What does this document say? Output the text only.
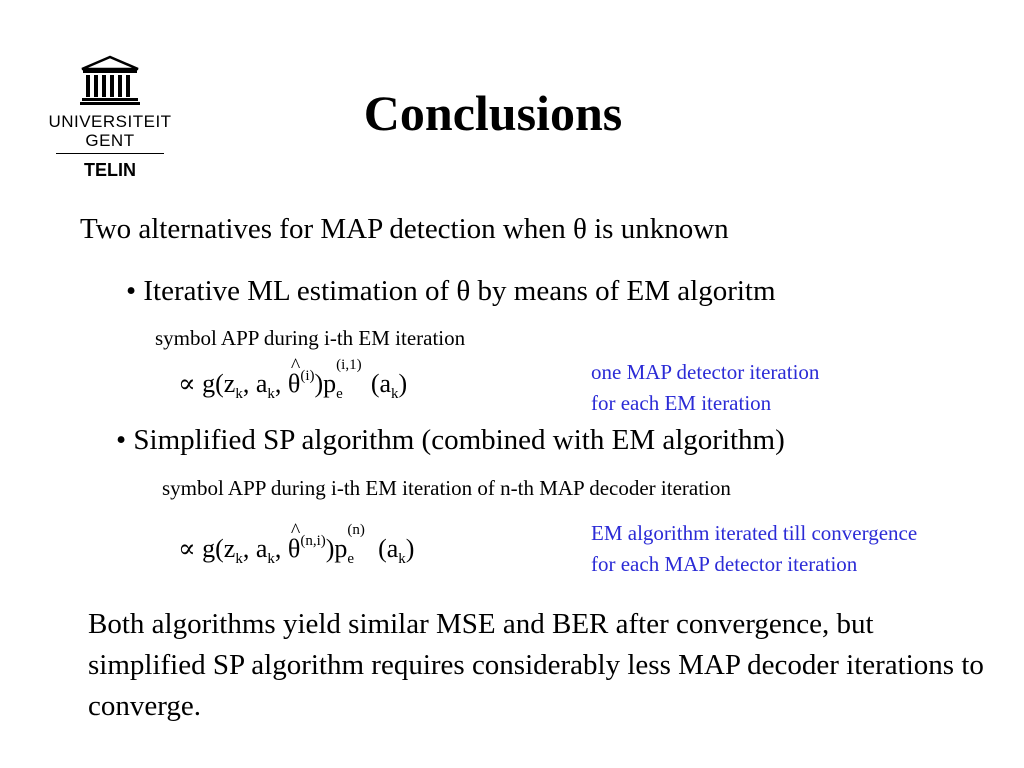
UNIVERSITEIT
GENT
TELIN
Conclusions
Two alternatives for MAP detection when θ is unknown
• Iterative ML estimation of θ by means of EM algoritm
symbol APP during i-th EM iteration
∝ $g(z_k$, $a_k$, ^ $\theta^{(i)})p$
(i,1)
$_e$ $(a_k)$	one MAP detector iteration
for each EM iteration
• Simplified SP algorithm (combined with EM algorithm)
symbol APP during i-th EM iteration of n-th MAP decoder iteration
∝ $g(z_k$, $a_k$, ^ $\theta^{(n,i)})p$
(n)
$_e$ $(a_k)$
EM algorithm iterated till convergence
for each MAP detector iteration
Both algorithms yield similar MSE and BER after convergence, but simplified SP algorithm requires considerably less MAP decoder iterations to converge.
